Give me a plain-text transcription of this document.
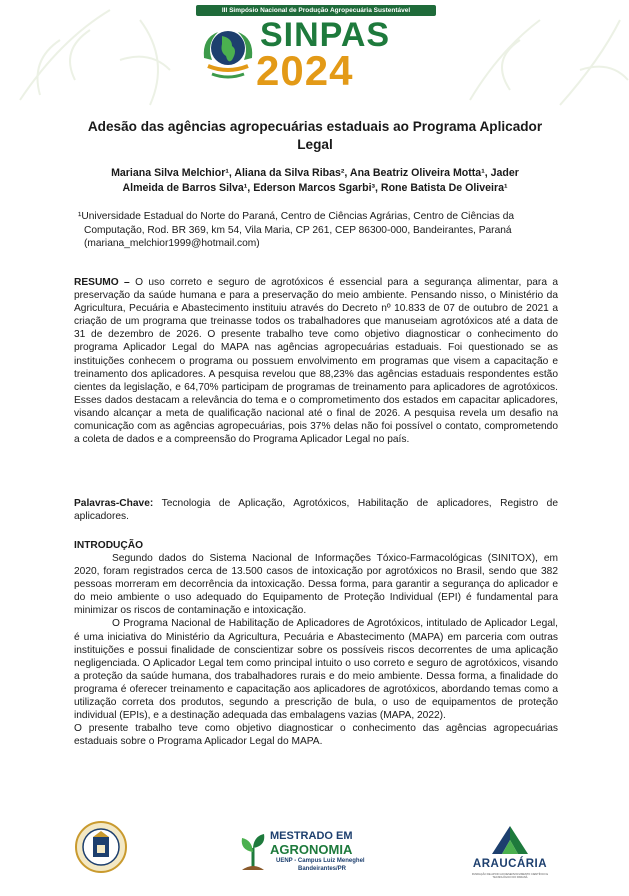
III Simpósio Nacional de Produção Agropecuária Sustentável
SINPAS
2024
Adesão das agências agropecuárias estaduais ao Programa Aplicador Legal
Mariana Silva Melchior¹, Aliana da Silva Ribas², Ana Beatriz Oliveira Motta¹, Jader
Almeida de Barros Silva¹, Ederson Marcos Sgarbi³, Rone Batista De Oliveira¹
¹Universidade Estadual do Norte do Paraná, Centro de Ciências Agrárias, Centro de Ciências da Computação, Rod. BR 369, km 54, Vila Maria, CP 261, CEP 86300-000, Bandeirantes, Paraná (mariana_melchior1999@hotmail.com)
RESUMO – O uso correto e seguro de agrotóxicos é essencial para a segurança alimentar, para a preservação da saúde humana e para a preservação do meio ambiente. Pensando nisso, o Ministério da Agricultura, Pecuária e Abastecimento instituiu através do Decreto nº 10.833 de 07 de outubro de 2021 a criação de um programa que treinasse todos os trabalhadores que manuseiam agrotóxicos até a data de 31 de dezembro de 2026. O presente trabalho teve como objetivo diagnosticar o conhecimento do programa Aplicador Legal do MAPA nas agências agropecuárias estaduais. Foi questionado se as instituições conhecem o programa ou possuem envolvimento em programas que visem a capacitação e treinamento dos aplicadores. A pesquisa revelou que 88,23% das agências estaduais respondentes estão cientes da legislação, e 64,70% participam de programas de treinamento para aplicadores de agrotóxicos. Esses dados destacam a relevância do tema e o comprometimento dos estados em capacitar aplicadores, visando alcançar a meta de qualificação nacional até o final de 2026. A pesquisa revela um desafio na comunicação com as agências agropecuárias, pois 37% delas não foi possível o contato, comprometendo a coleta de dados e a compreensão do Programa Aplicador Legal no país.
Palavras-Chave: Tecnologia de Aplicação, Agrotóxicos, Habilitação de aplicadores, Registro de aplicadores.
INTRODUÇÃO

Segundo dados do Sistema Nacional de Informações Tóxico-Farmacológicas (SINITOX), em 2020, foram registrados cerca de 13.500 casos de intoxicação por agrotóxicos no Brasil, sendo que 382 pessoas morreram em decorrência da intoxicação. Dessa forma, para garantir a segurança do aplicador e do meio ambiente o uso adequado do Equipamento de Proteção Individual (EPI) é fundamental para minimizar os riscos de contaminação e intoxicação.

O Programa Nacional de Habilitação de Aplicadores de Agrotóxicos, intitulado de Aplicador Legal, é uma iniciativa do Ministério da Agricultura, Pecuária e Abastecimento (MAPA) em parceria com outras instituições e possui finalidade de conscientizar sobre os possíveis riscos decorrentes de uma aplicação negligenciada. O Aplicador Legal tem como principal intuito o uso correto e seguro de agrotóxicos, visando a proteção da saúde humana, dos trabalhadores rurais e do meio ambiente. Dessa forma, a finalidade do programa é oferecer treinamento e capacitação aos aplicadores de agrotóxicos, abordando temas como a utilização correta dos produtos, segundo a prescrição de bula, o uso de equipamentos de proteção individual (EPIs), e a destinação adequada das embalagens vazias (MAPA, 2022).

O presente trabalho teve como objetivo diagnosticar o conhecimento das agências agropecuárias estaduais sobre o Programa Aplicador Legal do MAPA.

MESTRADO EM
AGRONOMIA
UENP - Campus Luiz Meneghel
Bandeirantes/PR	ARAUCÁRIA
FUNDAÇÃO DE APOIO AO DESENVOLVIMENTO CIENTÍFICO E TECNOLÓGICO DO PARANÁ
